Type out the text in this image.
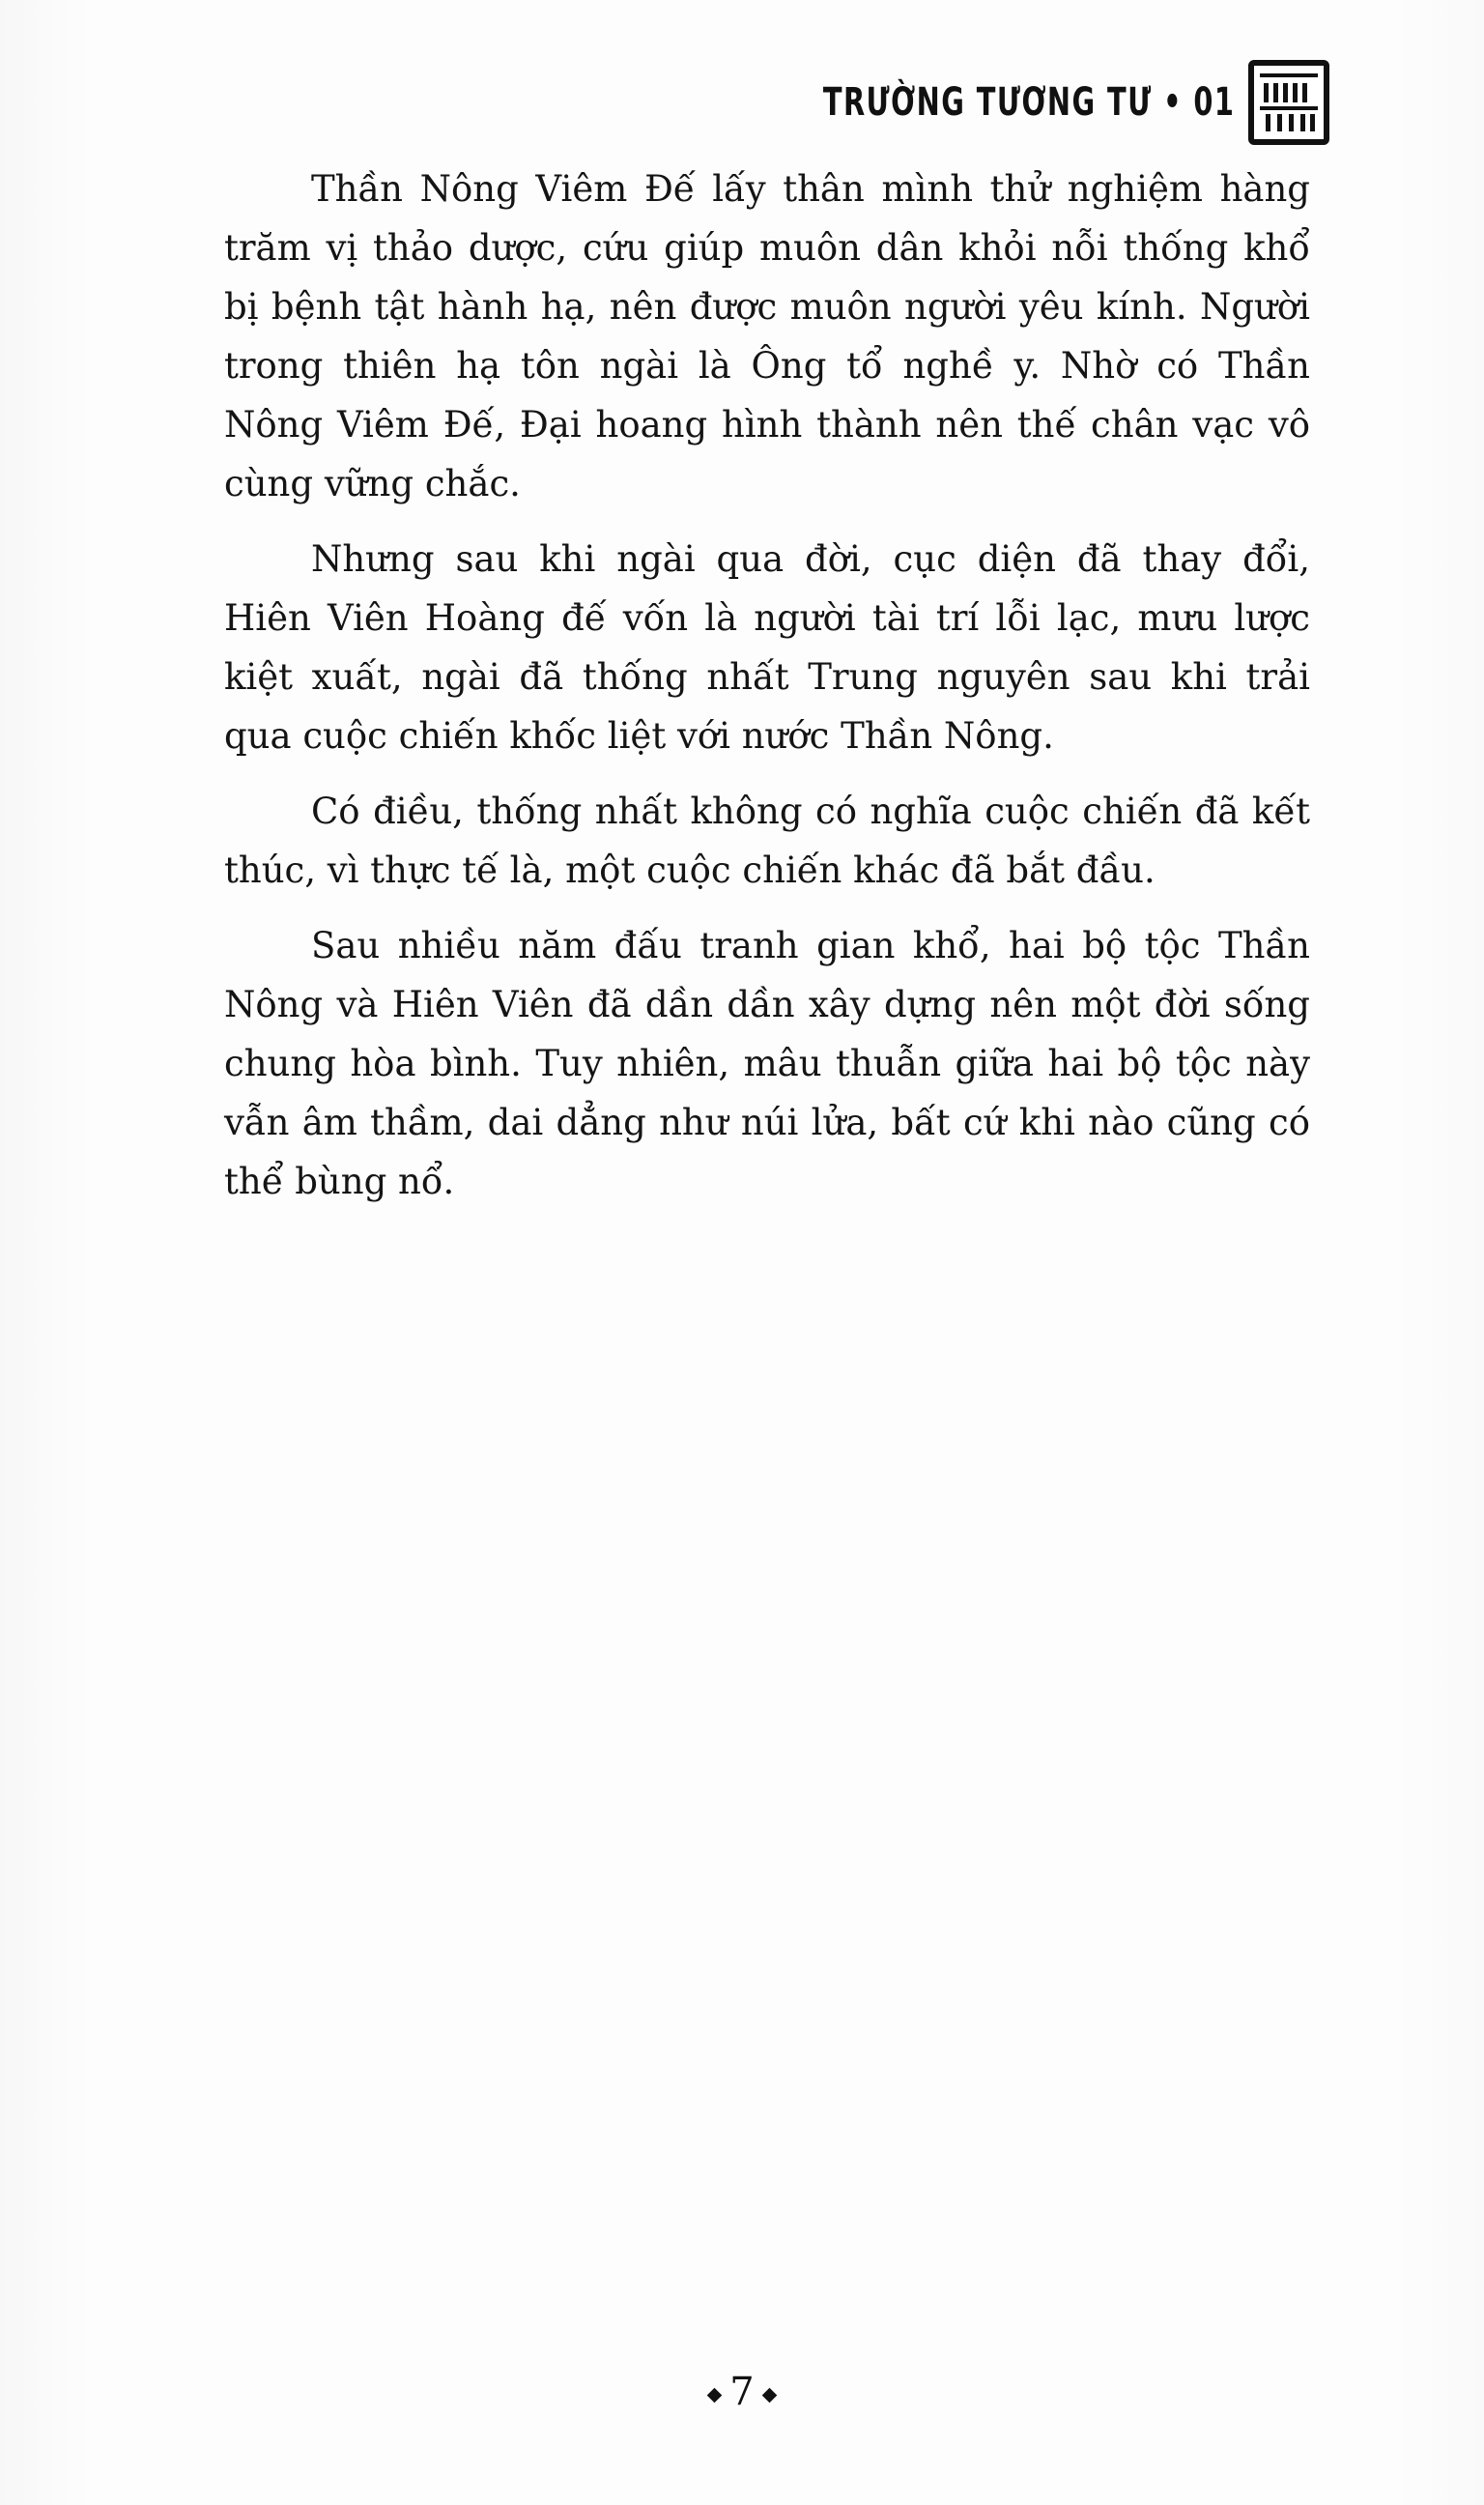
TRƯỜNG TƯƠNG TƯ • 01

Thần Nông Viêm Đế lấy thân mình thử nghiệm hàng trăm vị thảo dược, cứu giúp muôn dân khỏi nỗi thống khổ bị bệnh tật hành hạ, nên được muôn người yêu kính. Người trong thiên hạ tôn ngài là Ông tổ nghề y. Nhờ có Thần Nông Viêm Đế, Đại hoang hình thành nên thế chân vạc vô cùng vững chắc.

Nhưng sau khi ngài qua đời, cục diện đã thay đổi, Hiên Viên Hoàng đế vốn là người tài trí lỗi lạc, mưu lược kiệt xuất, ngài đã thống nhất Trung nguyên sau khi trải qua cuộc chiến khốc liệt với nước Thần Nông.

Có điều, thống nhất không có nghĩa cuộc chiến đã kết thúc, vì thực tế là, một cuộc chiến khác đã bắt đầu.

Sau nhiều năm đấu tranh gian khổ, hai bộ tộc Thần Nông và Hiên Viên đã dần dần xây dựng nên một đời sống chung hòa bình. Tuy nhiên, mâu thuẫn giữa hai bộ tộc này vẫn âm thầm, dai dẳng như núi lửa, bất cứ khi nào cũng có thể bùng nổ.

7
